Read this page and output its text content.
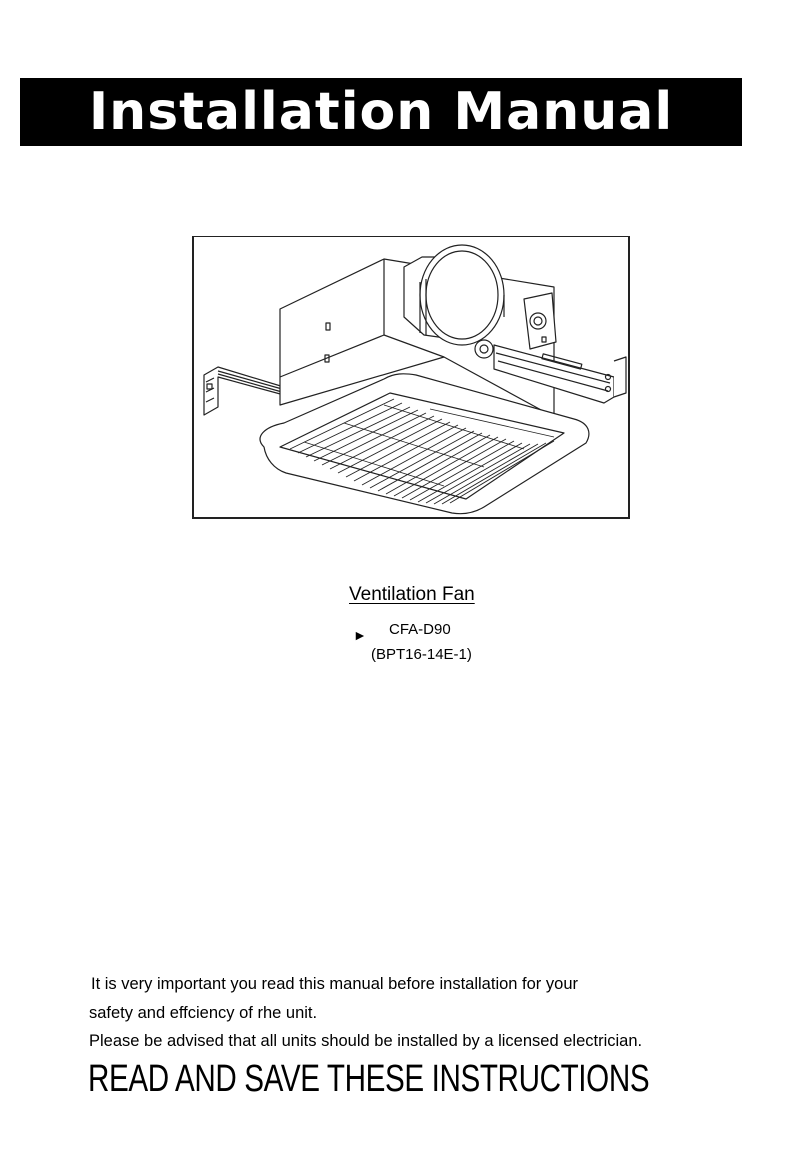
Installation Manual
Ventilation Fan
► CFA-D90
(BPT16-14E-1)
It is very important you read this manual before installation for your
safety and effciency of rhe unit.
Please be advised that all units should be installed by a licensed electrician.
READ AND SAVE THESE INSTRUCTIONS
